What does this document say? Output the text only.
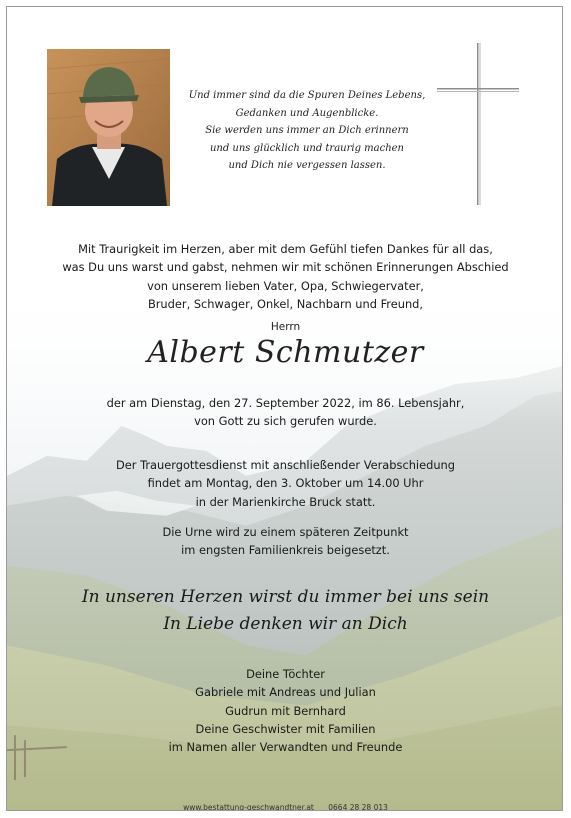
Und immer sind da die Spuren Deines Lebens,
Gedanken und Augenblicke.
Sie werden uns immer an Dich erinnern
und uns glücklich und traurig machen
und Dich nie vergessen lassen.
Mit Traurigkeit im Herzen, aber mit dem Gefühl tiefen Dankes für all das,
was Du uns warst und gabst, nehmen wir mit schönen Erinnerungen Abschied
von unserem lieben Vater, Opa, Schwiegervater,
Bruder, Schwager, Onkel, Nachbarn und Freund,
Herrn
Albert Schmutzer
der am Dienstag, den 27. September 2022, im 86. Lebensjahr,
von Gott zu sich gerufen wurde.
Der Trauergottesdienst mit anschließender Verabschiedung
findet am Montag, den 3. Oktober um 14.00 Uhr
in der Marienkirche Bruck statt.
Die Urne wird zu einem späteren Zeitpunkt
im engsten Familienkreis beigesetzt.
In unseren Herzen wirst du immer bei uns sein
In Liebe denken wir an Dich
Deine Töchter
Gabriele mit Andreas und Julian
Gudrun mit Bernhard
Deine Geschwister mit Familien
im Namen aller Verwandten und Freunde
www.bestattung-geschwandtner.at 0664 28 28 013
